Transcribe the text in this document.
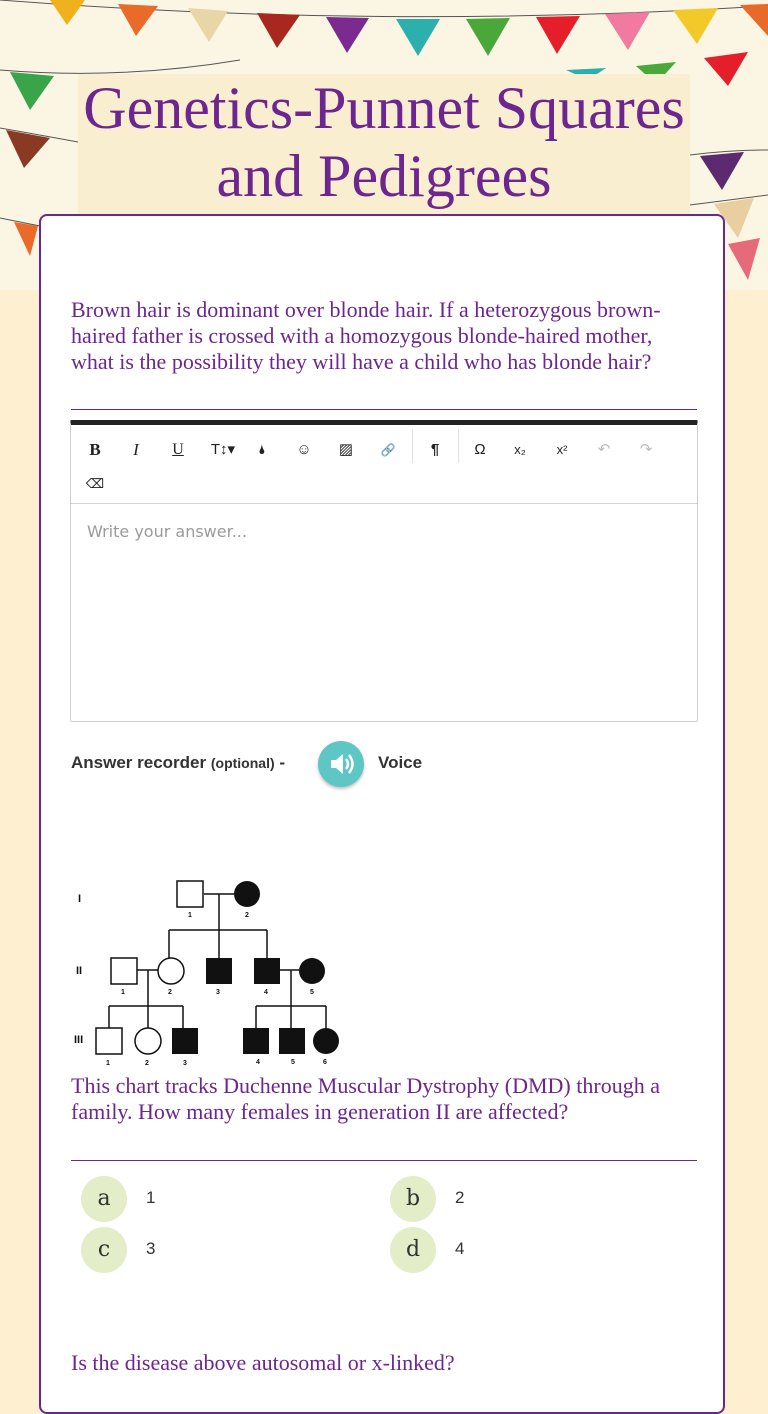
Genetics-Punnet Squares and Pedigrees

Brown hair is dominant over blonde hair. If a heterozygous brown-haired father is crossed with a homozygous blonde-haired mother, what is the possibility they will have a child who has blonde hair?

B	I	U	T↕▾	🌢	☺	▨	🔗	¶	Ω	x₂	x²	↶	↷
⌫
Write your answer...
Answer recorder (optional) -	Voice
I
II
III
1	2
1	2	3	4	5
1	2	3	4	5	6

This chart tracks Duchenne Muscular Dystrophy (DMD) through a family. How many females in generation II are affected?

a	1	b	2
c	3	d	4

Is the disease above autosomal or x-linked?
